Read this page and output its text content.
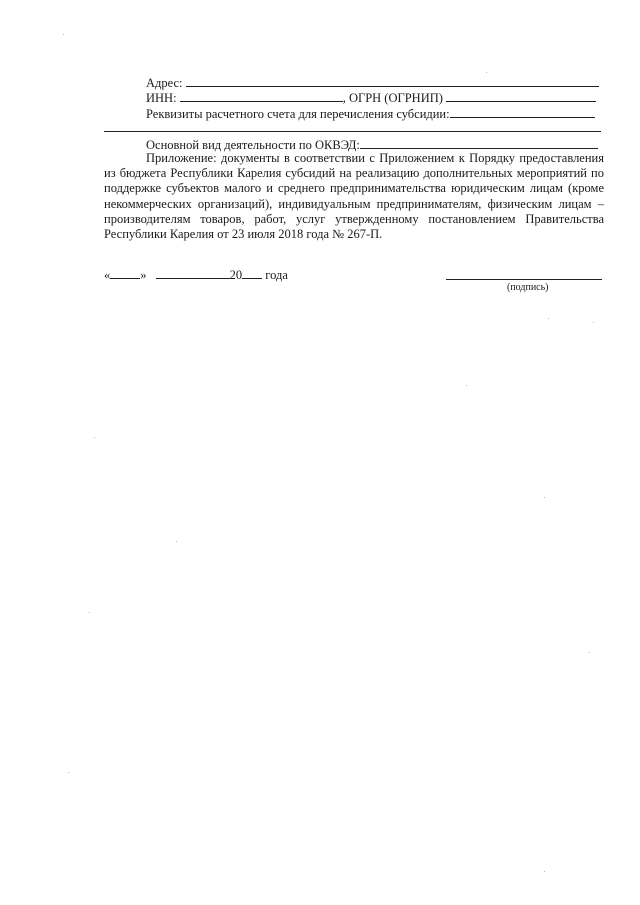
Адрес:
ИНН:	, ОГРН (ОГРНИП)
Реквизиты расчетного счета для перечисления субсидии:
Основной вид деятельности по ОКВЭД:
Приложение: документы в соответствии с Приложением к Порядку предоставления из бюджета Республики Карелия субсидий на реализацию дополнительных мероприятий по поддержке субъектов малого и среднего предпринимательства юридическим лицам (кроме некоммерческих организаций), индивидуальным предпринимателям, физическим лицам – производителям товаров, работ, услуг утвержденному постановлением Правительства Республики Карелия от 23 июля 2018 года № 267-П.
« »	20 года
(подпись)
